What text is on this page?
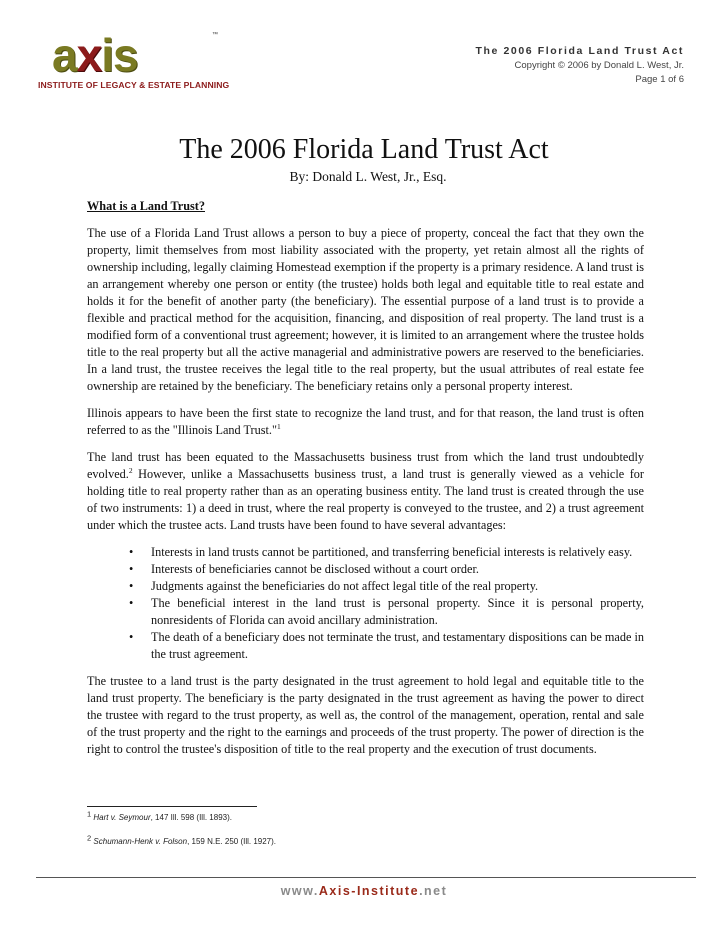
axis	™
INSTITUTE OF LEGACY & ESTATE PLANNING
The 2006 Florida Land Trust Act
Copyright © 2006 by Donald L. West, Jr.
Page 1 of 6
The 2006 Florida Land Trust Act
By: Donald L. West, Jr., Esq.
What is a Land Trust?

The use of a Florida Land Trust allows a person to buy a piece of property, conceal the fact that they own the property, limit themselves from most liability associated with the property, yet retain almost all the rights of ownership including, legally claiming Homestead exemption if the property is a primary residence. A land trust is an arrangement whereby one person or entity (the trustee) holds both legal and equitable title to real estate and holds it for the benefit of another party (the beneficiary). The essential purpose of a land trust is to provide a flexible and practical method for the acquisition, financing, and disposition of real property. The land trust is a modified form of a conventional trust agreement; however, it is limited to an arrangement where the trustee holds title to the real property but all the active managerial and administrative powers are reserved to the beneficiaries. In a land trust, the trustee receives the legal title to the real property, but the usual attributes of real estate fee ownership are retained by the beneficiary. The beneficiary retains only a personal property interest.

Illinois appears to have been the first state to recognize the land trust, and for that reason, the land trust is often referred to as the "Illinois Land Trust."$^1$

The land trust has been equated to the Massachusetts business trust from which the land trust undoubtedly evolved.$^2$ However, unlike a Massachusetts business trust, a land trust is generally viewed as a vehicle for holding title to real property rather than as an operating business entity. The land trust is created through the use of two instruments: 1) a deed in trust, where the real property is conveyed to the trustee, and 2) a trust agreement under which the trustee acts. Land trusts have been found to have several advantages:

• Interests in land trusts cannot be partitioned, and transferring beneficial interests is relatively easy.
• Interests of beneficiaries cannot be disclosed without a court order.
• Judgments against the beneficiaries do not affect legal title of the real property.
• The beneficial interest in the land trust is personal property. Since it is personal property, nonresidents of Florida can avoid ancillary administration.
• The death of a beneficiary does not terminate the trust, and testamentary dispositions can be made in the trust agreement.

The trustee to a land trust is the party designated in the trust agreement to hold legal and equitable title to the land trust property. The beneficiary is the party designated in the trust agreement as having the power to direct the trustee with regard to the trust property, as well as, the control of the management, operation, rental and sale of the trust property and the right to the earnings and proceeds of the trust property. The power of direction is the right to control the trustee's disposition of title to the real property and the execution of trust documents.

$^1$ Hart v. Seymour, 147 Ill. 598 (Ill. 1893).
$^2$ Schumann-Henk v. Folson, 159 N.E. 250 (Ill. 1927).
www.Axis-Institute.net
